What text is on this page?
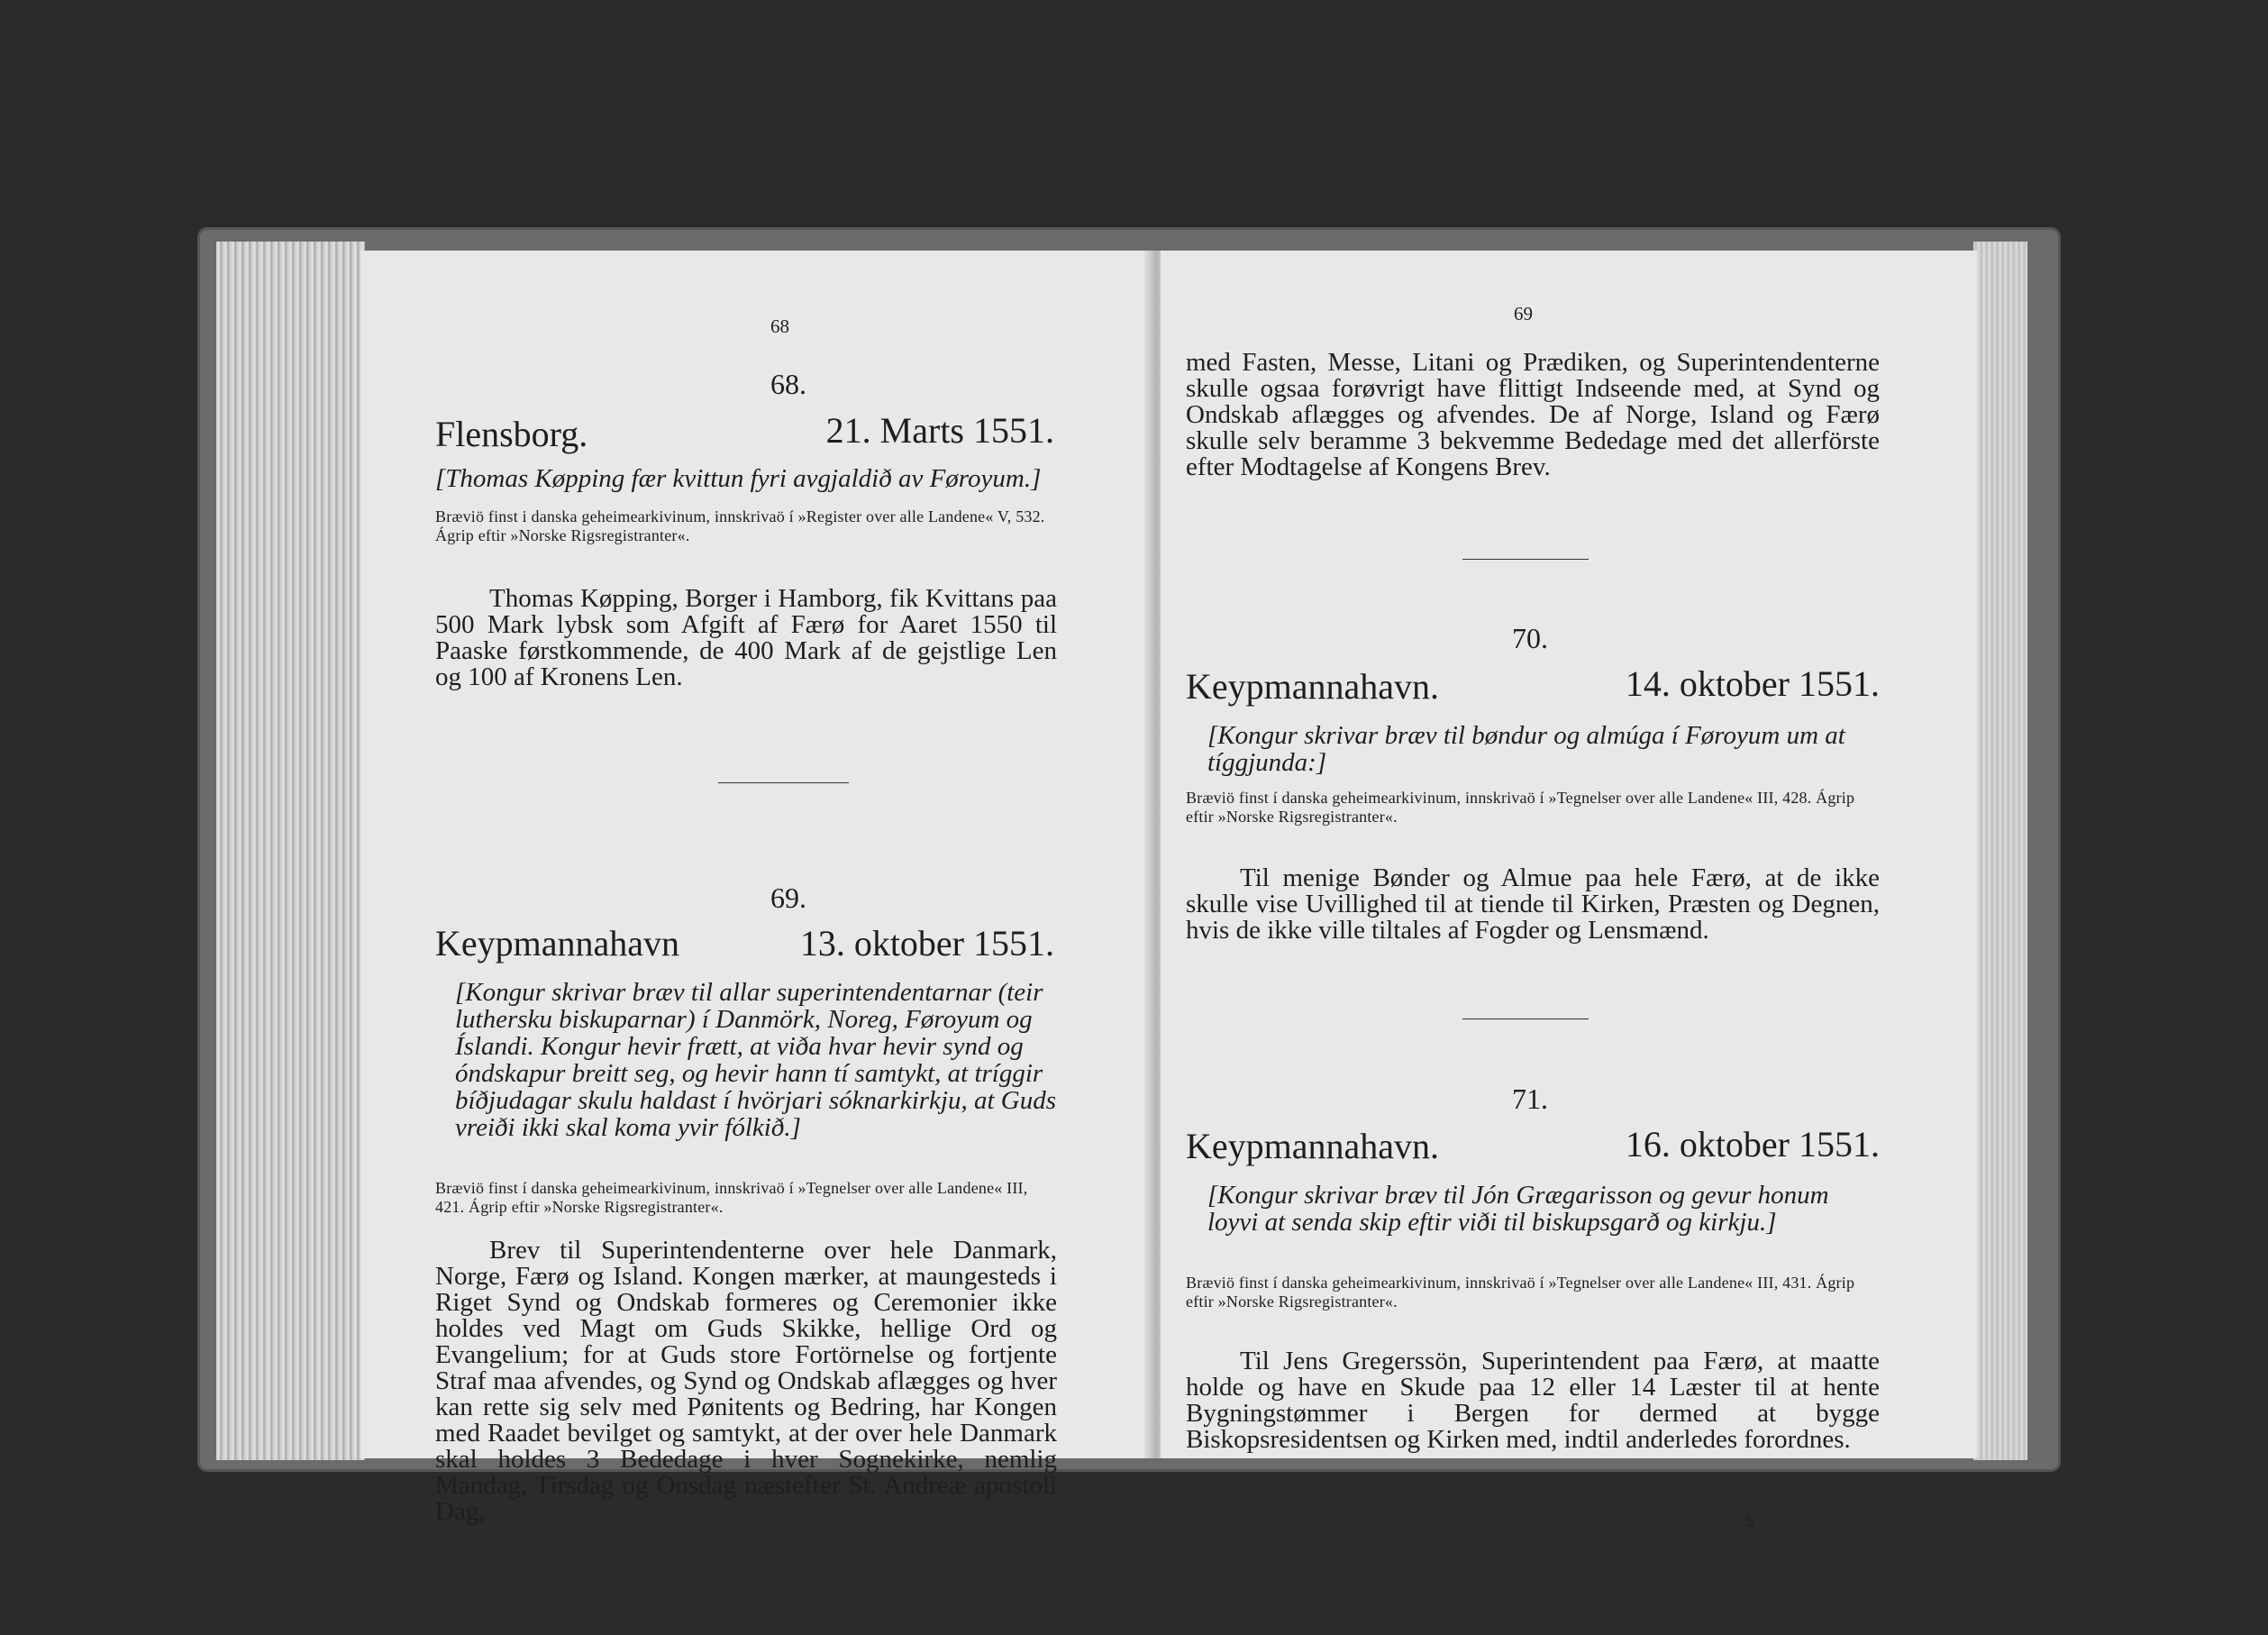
68
68.
Flensborg.	21. Marts 1551.
[Thomas Køpping fær kvittun fyri avgjaldið av Føroyum.]
Bræviö finst i danska geheimearkivinum, innskrivaö í »Register over alle Landene« V, 532. Ágrip eftir »Norske Rigsregistranter«.
Thomas Køpping, Borger i Hamborg, fik Kvittans paa 500 Mark lybsk som Afgift af Færø for Aaret 1550 til Paaske førstkommende, de 400 Mark af de gejstlige Len og 100 af Kronens Len.
69.
Keypmannahavn	13. oktober 1551.
[Kongur skrivar bræv til allar superintendentarnar (teir luthersku biskuparnar) í Danmörk, Noreg, Føroyum og Íslandi. Kongur hevir frætt, at viða hvar hevir synd og óndskapur breitt seg, og hevir hann tí samtykt, at tríggir bíðjudagar skulu haldast í hvörjari sóknarkirkju, at Guds vreiði ikki skal koma yvir fólkið.]
Bræviö finst í danska geheimearkivinum, innskrivaö í »Tegnelser over alle Landene« III, 421. Ágrip eftir »Norske Rigsregistranter«.
Brev til Superintendenterne over hele Danmark, Norge, Færø og Island. Kongen mærker, at maungesteds i Riget Synd og Ondskab formeres og Ceremonier ikke holdes ved Magt om Guds Skikke, hellige Ord og Evangelium; for at Guds store Fortörnelse og fortjente Straf maa afvendes, og Synd og Ondskab aflægges og hver kan rette sig selv med Pønitents og Bedring, har Kongen med Raadet bevilget og samtykt, at der over hele Danmark skal holdes 3 Bededage i hver Sognekirke, nemlig Mandag, Tirsdag og Onsdag næstefter St. Andreæ apostoli Dag,
69
med Fasten, Messe, Litani og Prædiken, og Superintendenterne skulle ogsaa forøvrigt have flittigt Indseende med, at Synd og Ondskab aflægges og afvendes. De af Norge, Island og Færø skulle selv beramme 3 bekvemme Bededage med det allerförste efter Modtagelse af Kongens Brev.
70.
Keypmannahavn.	14. oktober 1551.
[Kongur skrivar bræv til bøndur og almúga í Føroyum um at tíggjunda:]
Bræviö finst í danska geheimearkivinum, innskrivaö í »Tegnelser over alle Landene« III, 428. Ágrip eftir »Norske Rigsregistranter«.
Til menige Bønder og Almue paa hele Færø, at de ikke skulle vise Uvillighed til at tiende til Kirken, Præsten og Degnen, hvis de ikke ville tiltales af Fogder og Lensmænd.
71.
Keypmannahavn.	16. oktober 1551.
[Kongur skrivar bræv til Jón Grægarisson og gevur honum loyvi at senda skip eftir viði til biskupsgarð og kirkju.]
Bræviö finst í danska geheimearkivinum, innskrivaö í »Tegnelser over alle Landene« III, 431. Ágrip eftir »Norske Rigsregistranter«.
Til Jens Gregerssön, Superintendent paa Færø, at maatte holde og have en Skude paa 12 eller 14 Læster til at hente Bygningstømmer i Bergen for dermed at bygge Biskopsresidentsen og Kirken med, indtil anderledes forordnes.
5
